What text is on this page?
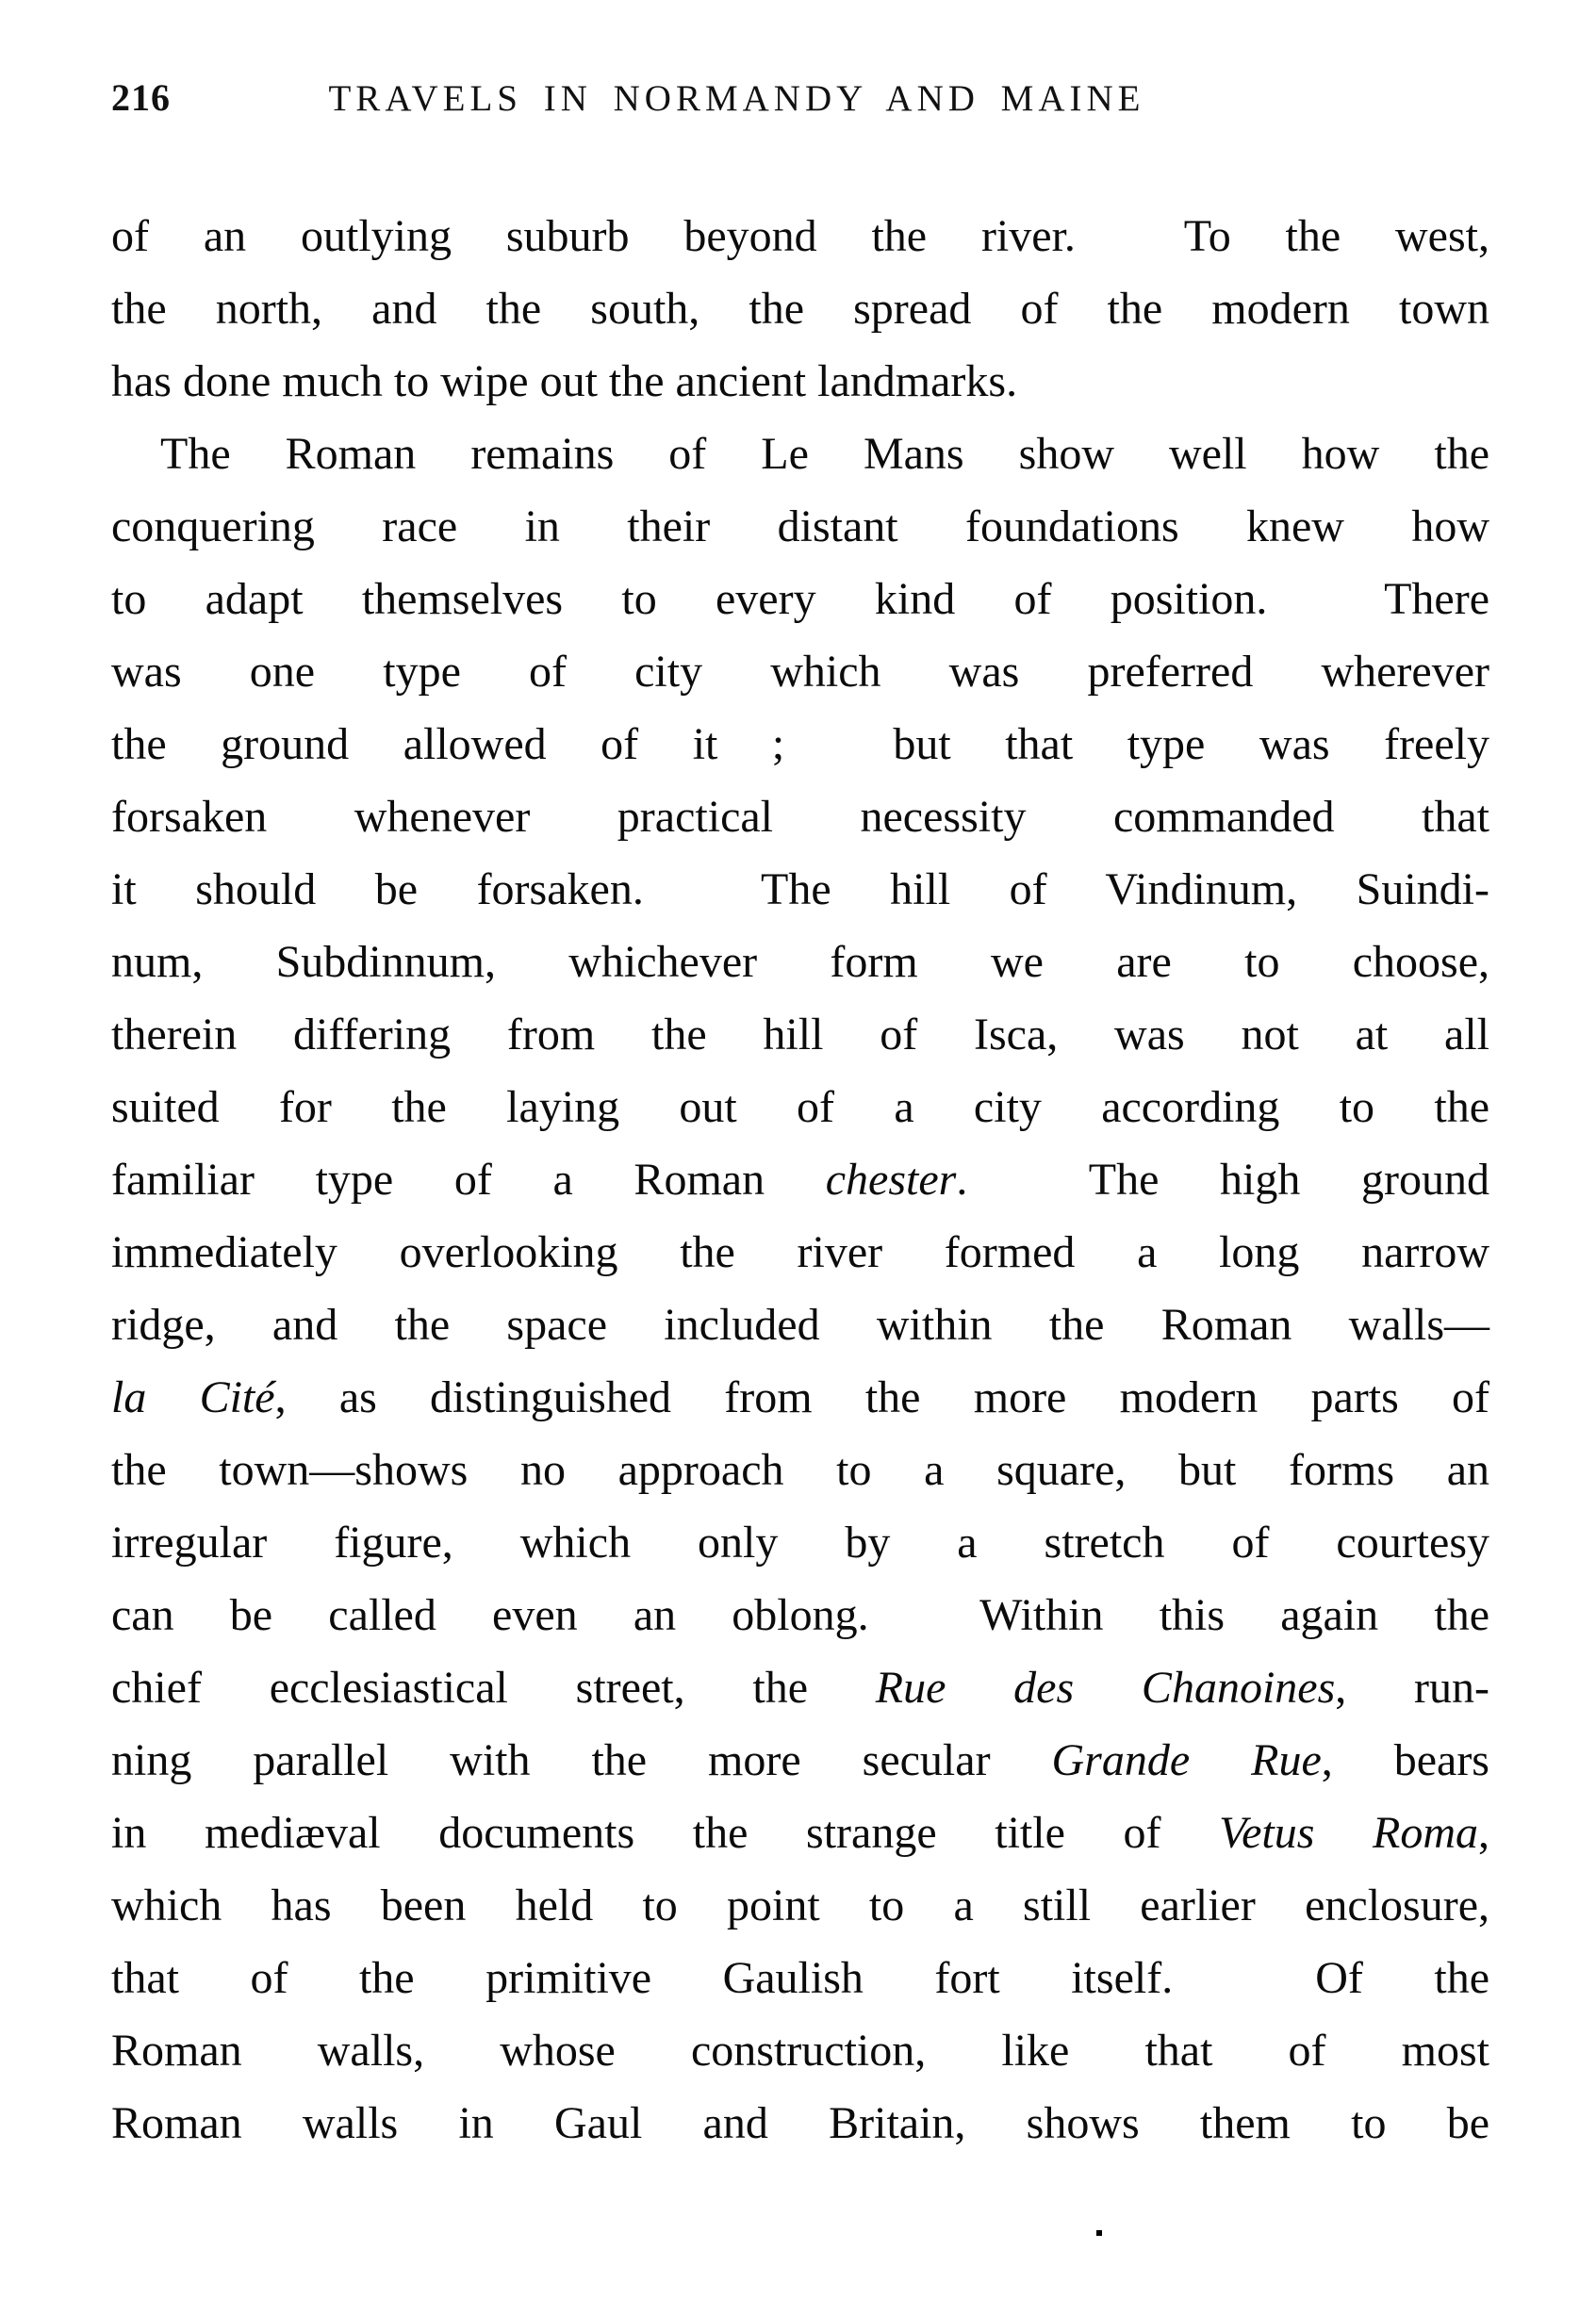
216	TRAVELS IN NORMANDY AND MAINE
of an outlying suburb beyond the river.  To the west,
the north, and the south, the spread of the modern town
has done much to wipe out the ancient landmarks.
The Roman remains of Le Mans show well how the
conquering race in their distant foundations knew how
to adapt themselves to every kind of position.  There
was one type of city which was preferred wherever
the ground allowed of it ;  but that type was freely
forsaken whenever practical necessity commanded that
it should be forsaken.  The hill of Vindinum, Suindi-
num, Subdinnum, whichever form we are to choose,
therein differing from the hill of Isca, was not at all
suited for the laying out of a city according to the
familiar type of a Roman chester.  The high ground
immediately overlooking the river formed a long narrow
ridge, and the space included within the Roman walls—
la Cité, as distinguished from the more modern parts of
the town—shows no approach to a square, but forms an
irregular figure, which only by a stretch of courtesy
can be called even an oblong.  Within this again the
chief ecclesiastical street, the Rue des Chanoines, run-
ning parallel with the more secular Grande Rue, bears
in mediæval documents the strange title of Vetus Roma,
which has been held to point to a still earlier enclosure,
that of the primitive Gaulish fort itself.  Of the
Roman walls, whose construction, like that of most
Roman walls in Gaul and Britain, shows them to be
